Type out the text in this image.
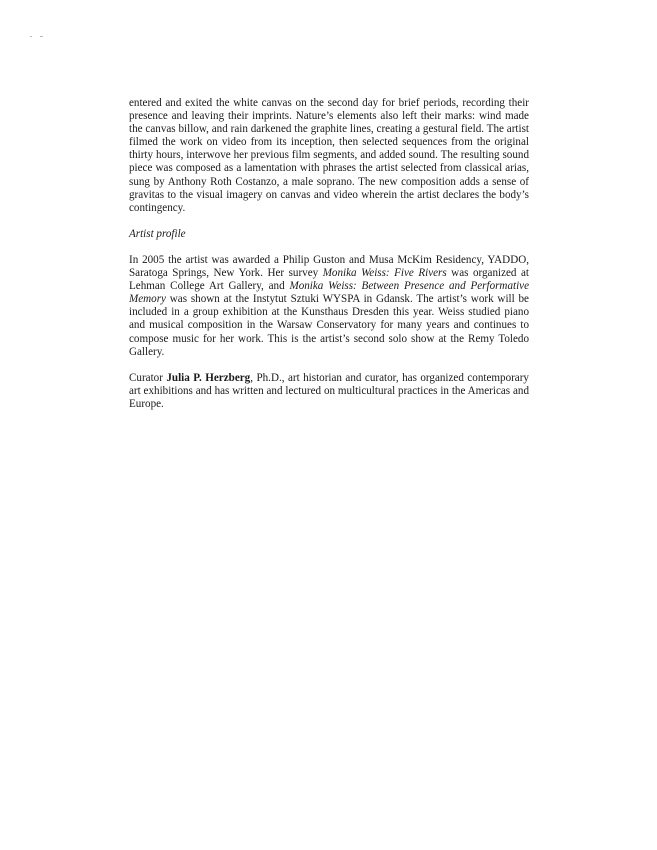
entered and exited the white canvas on the second day for brief periods, recording their presence and leaving their imprints. Nature’s elements also left their marks: wind made the canvas billow, and rain darkened the graphite lines, creating a gestural field. The artist filmed the work on video from its inception, then selected sequences from the original thirty hours, interwove her previous film segments, and added sound. The resulting sound piece was composed as a lamentation with phrases the artist selected from classical arias, sung by Anthony Roth Costanzo, a male soprano. The new composition adds a sense of gravitas to the visual imagery on canvas and video wherein the artist declares the body’s contingency.

Artist profile

In 2005 the artist was awarded a Philip Guston and Musa McKim Residency, YADDO, Saratoga Springs, New York. Her survey Monika Weiss: Five Rivers was organized at Lehman College Art Gallery, and Monika Weiss: Between Presence and Performative Memory was shown at the Instytut Sztuki WYSPA in Gdansk. The artist’s work will be included in a group exhibition at the Kunsthaus Dresden this year. Weiss studied piano and musical composition in the Warsaw Conservatory for many years and continues to compose music for her work. This is the artist’s second solo show at the Remy Toledo Gallery.

Curator Julia P. Herzberg, Ph.D., art historian and curator, has organized contemporary art exhibitions and has written and lectured on multicultural practices in the Americas and Europe.
